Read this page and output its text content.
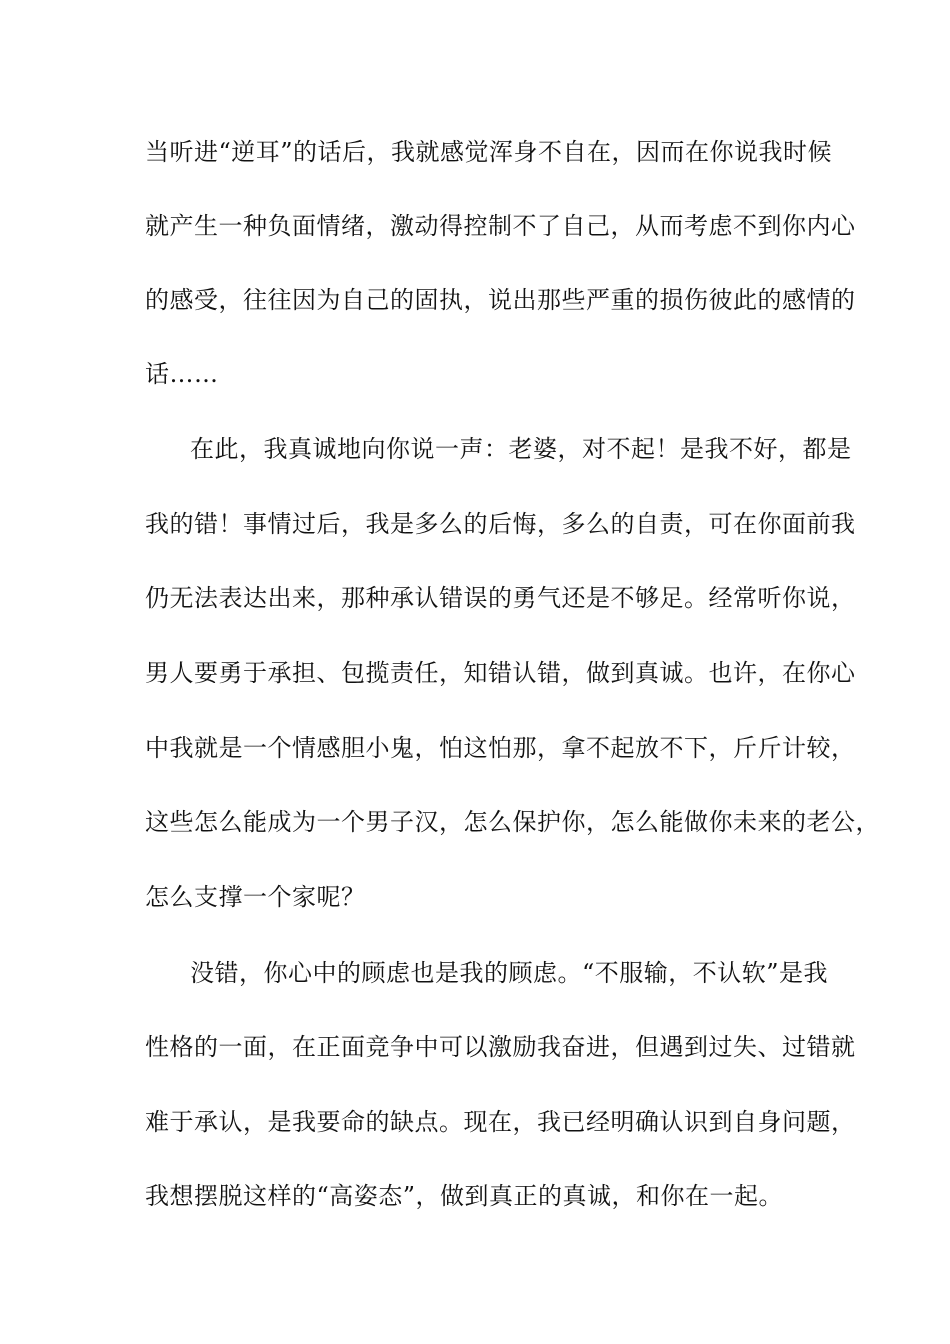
当听进“逆耳”的话后，我就感觉浑身不自在，因而在你说我时候
就产生一种负面情绪，激动得控制不了自己，从而考虑不到你内心
的感受，往往因为自己的固执，说出那些严重的损伤彼此的感情的
话……
在此，我真诚地向你说一声：老婆，对不起！是我不好，都是
我的错！事情过后，我是多么的后悔，多么的自责，可在你面前我
仍无法表达出来，那种承认错误的勇气还是不够足。经常听你说，
男人要勇于承担、包揽责任，知错认错，做到真诚。也许，在你心
中我就是一个情感胆小鬼，怕这怕那，拿不起放不下，斤斤计较，
这些怎么能成为一个男子汉，怎么保护你，怎么能做你未来的老公，
怎么支撑一个家呢？
没错，你心中的顾虑也是我的顾虑。“不服输，不认软”是我
性格的一面，在正面竞争中可以激励我奋进，但遇到过失、过错就
难于承认，是我要命的缺点。现在，我已经明确认识到自身问题，
我想摆脱这样的“高姿态”，做到真正的真诚，和你在一起。
